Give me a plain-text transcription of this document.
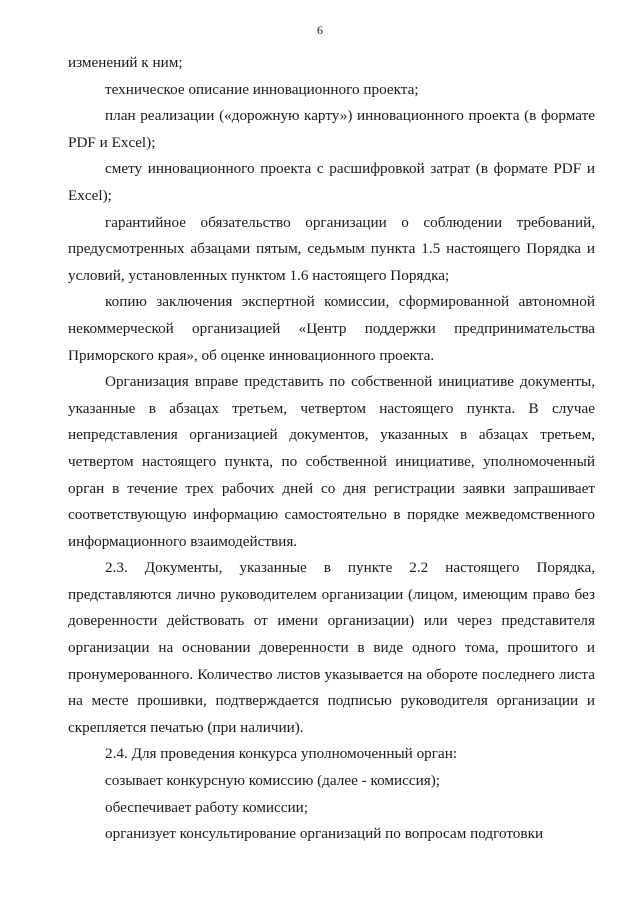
6

изменений к ним;

техническое описание инновационного проекта;

план реализации («дорожную карту») инновационного проекта (в формате PDF и Excel);

смету инновационного проекта с расшифровкой затрат (в формате PDF и Excel);

гарантийное обязательство организации о соблюдении требований, предусмотренных абзацами пятым, седьмым пункта 1.5 настоящего Порядка и условий, установленных пунктом 1.6 настоящего Порядка;

копию заключения экспертной комиссии, сформированной автономной некоммерческой организацией «Центр поддержки предпринимательства Приморского края», об оценке инновационного проекта.

Организация вправе представить по собственной инициативе документы, указанные в абзацах третьем, четвертом настоящего пункта. В случае непредставления организацией документов, указанных в абзацах третьем, четвертом настоящего пункта, по собственной инициативе, уполномоченный орган в течение трех рабочих дней со дня регистрации заявки запрашивает соответствующую информацию самостоятельно в порядке межведомственного информационного взаимодействия.

2.3. Документы, указанные в пункте 2.2 настоящего Порядка, представляются лично руководителем организации (лицом, имеющим право без доверенности действовать от имени организации) или через представителя организации на основании доверенности в виде одного тома, прошитого и пронумерованного. Количество листов указывается на обороте последнего листа на месте прошивки, подтверждается подписью руководителя организации и скрепляется печатью (при наличии).

2.4. Для проведения конкурса уполномоченный орган:

созывает конкурсную комиссию (далее - комиссия);

обеспечивает работу комиссии;

организует консультирование организаций по вопросам подготовки
